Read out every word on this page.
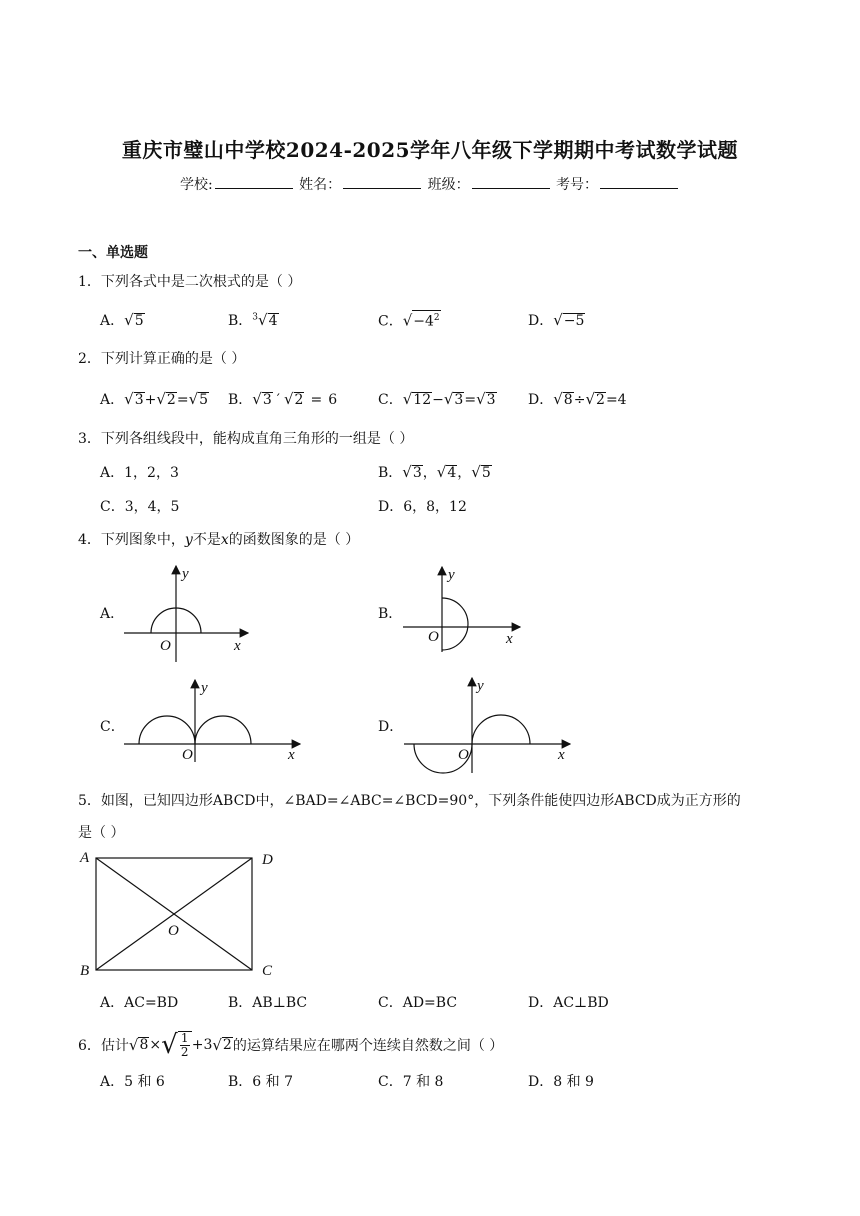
重庆市璧山中学校2024-2025学年八年级下学期期中考试数学试题
学校:	姓名：	班级：	考号：
一、单选题
1．下列各式中是二次根式的是（ ）
A．√5	B．$^3$√4	C．$√-4^2$	D．√−5
2．下列计算正确的是（ ）
A．√3+√2=√5 B．√3 ′ √2 = 6	C．√12−√3=√3 D．√8÷√2=4
3．下列各组线段中，能构成直角三角形的一组是（ ）
A．1，2，3	B．√3，√4，√5
C．3，4，5	D．6，8，12
4．下列图象中，y不是x的函数图象的是（ ）
A．	B．
C．	D．
y
x
O
y
x
O
y
x
O
y
x
O
A	D
B	C
O
5．如图，已知四边形ABCD中，∠BAD=∠ABC=∠BCD=90°，下列条件能使四边形ABCD成为正方形的
是（ ）
A．AC=BD	B．AB⊥BC	C．AD=BC	D．AC⊥BD
6． 估计 √ 8 × √ $\frac{1}{2} +3$ √ 2 的运算结果应在哪两个连续自然数之间（ ）
A．5 和 6	B．6 和 7	C．7 和 8	D．8 和 9
